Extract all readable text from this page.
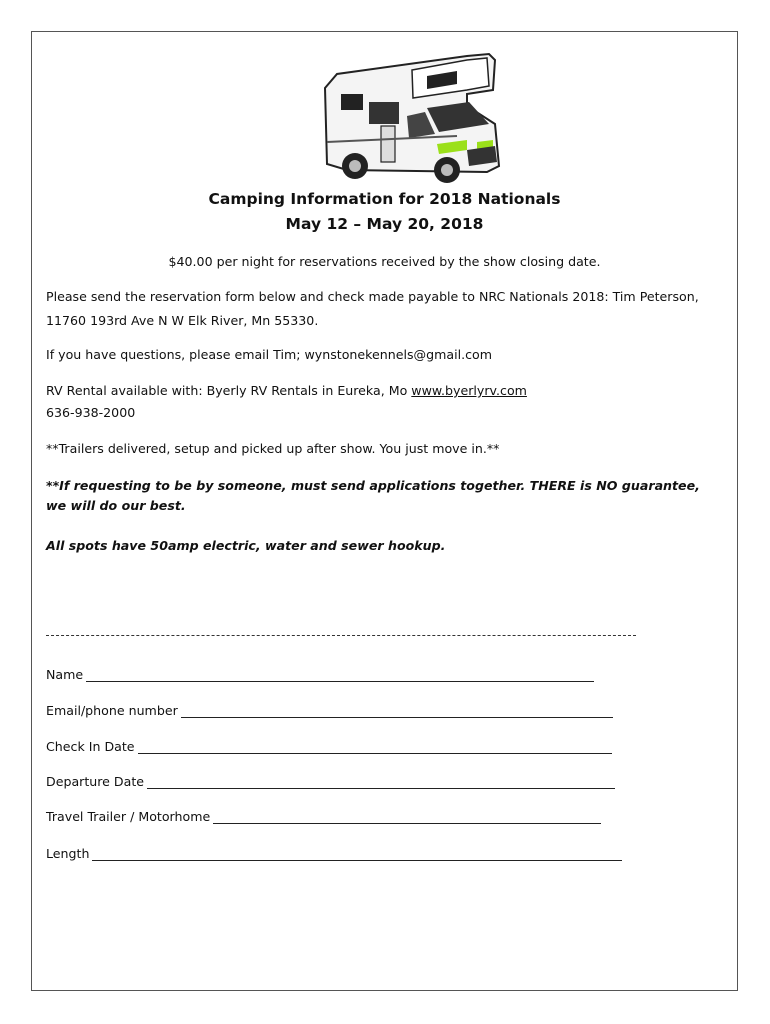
Camping Information for 2018 Nationals
May 12 – May 20, 2018
$40.00 per night for reservations received by the show closing date.
Please send the reservation form below and check made payable to NRC Nationals 2018: Tim Peterson,
11760 193rd Ave N W Elk River, Mn 55330.
If you have questions, please email Tim; wynstonekennels@gmail.com
RV Rental available with: Byerly RV Rentals in Eureka, Mo www.byerlyrv.com
636-938-2000
**Trailers delivered, setup and picked up after show. You just move in.**
**If requesting to be by someone, must send applications together. THERE is NO guarantee,
we will do our best.
All spots have 50amp electric, water and sewer hookup.
Name
Email/phone number
Check In Date
Departure Date
Travel Trailer / Motorhome
Length
